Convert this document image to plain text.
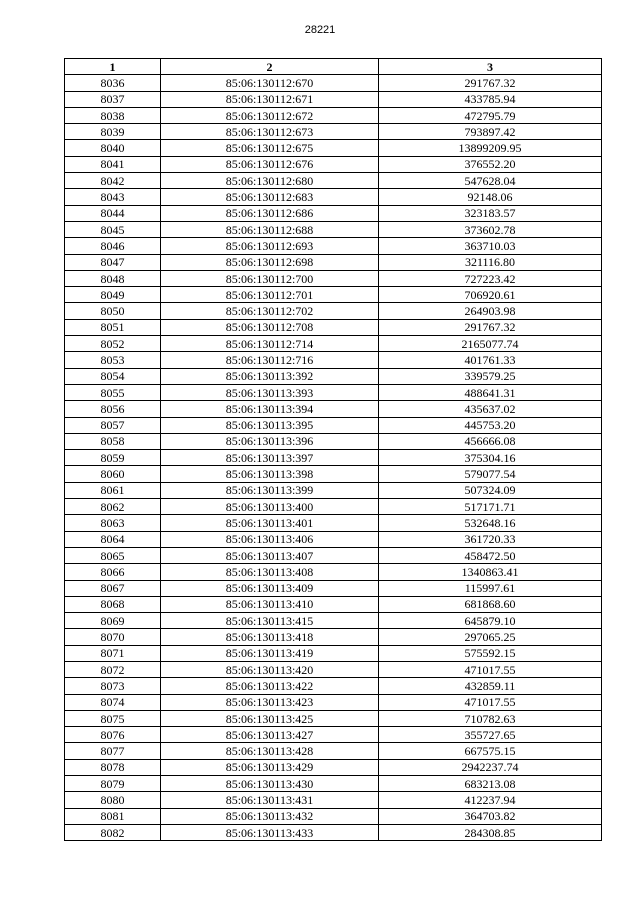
28221
1	2	3
8036	85:06:130112:670	291767.32
8037	85:06:130112:671	433785.94
8038	85:06:130112:672	472795.79
8039	85:06:130112:673	793897.42
8040	85:06:130112:675	13899209.95
8041	85:06:130112:676	376552.20
8042	85:06:130112:680	547628.04
8043	85:06:130112:683	92148.06
8044	85:06:130112:686	323183.57
8045	85:06:130112:688	373602.78
8046	85:06:130112:693	363710.03
8047	85:06:130112:698	321116.80
8048	85:06:130112:700	727223.42
8049	85:06:130112:701	706920.61
8050	85:06:130112:702	264903.98
8051	85:06:130112:708	291767.32
8052	85:06:130112:714	2165077.74
8053	85:06:130112:716	401761.33
8054	85:06:130113:392	339579.25
8055	85:06:130113:393	488641.31
8056	85:06:130113:394	435637.02
8057	85:06:130113:395	445753.20
8058	85:06:130113:396	456666.08
8059	85:06:130113:397	375304.16
8060	85:06:130113:398	579077.54
8061	85:06:130113:399	507324.09
8062	85:06:130113:400	517171.71
8063	85:06:130113:401	532648.16
8064	85:06:130113:406	361720.33
8065	85:06:130113:407	458472.50
8066	85:06:130113:408	1340863.41
8067	85:06:130113:409	115997.61
8068	85:06:130113:410	681868.60
8069	85:06:130113:415	645879.10
8070	85:06:130113:418	297065.25
8071	85:06:130113:419	575592.15
8072	85:06:130113:420	471017.55
8073	85:06:130113:422	432859.11
8074	85:06:130113:423	471017.55
8075	85:06:130113:425	710782.63
8076	85:06:130113:427	355727.65
8077	85:06:130113:428	667575.15
8078	85:06:130113:429	2942237.74
8079	85:06:130113:430	683213.08
8080	85:06:130113:431	412237.94
8081	85:06:130113:432	364703.82
8082	85:06:130113:433	284308.85
